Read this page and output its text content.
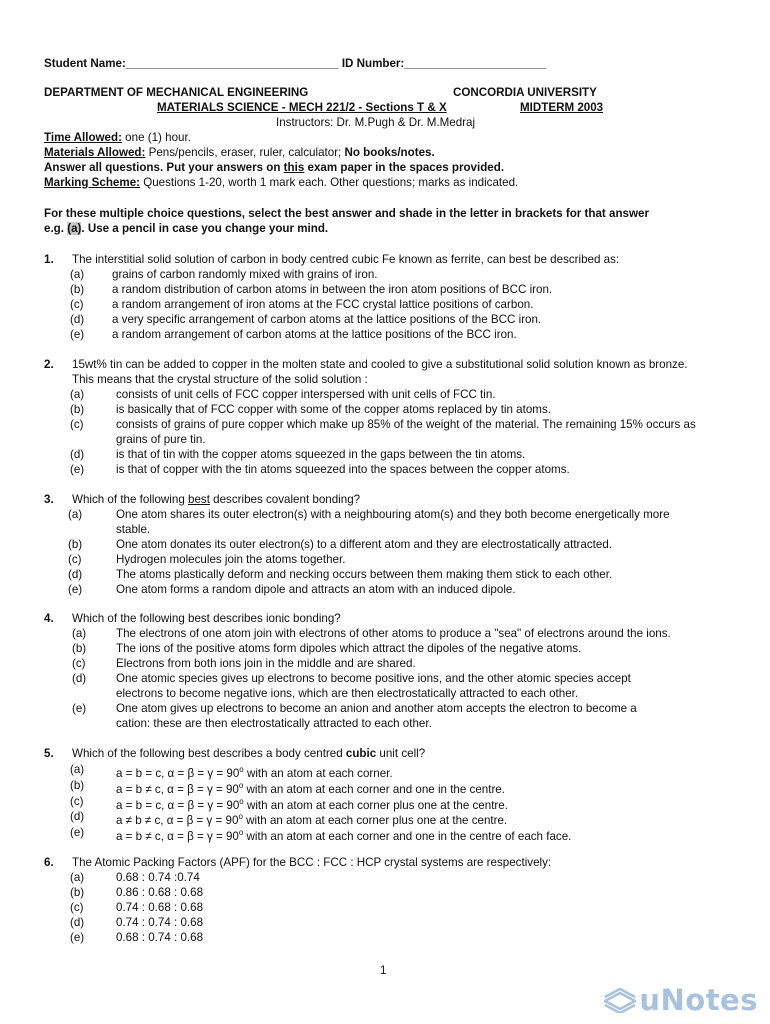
Student Name:_________________________________ ID Number:______________________
DEPARTMENT OF MECHANICAL ENGINEERING	CONCORDIA UNIVERSITY
MATERIALS SCIENCE - MECH 221/2 - Sections T & X	MIDTERM 2003
Instructors: Dr. M.Pugh & Dr. M.Medraj
Time Allowed: one (1) hour.
Materials Allowed: Pens/pencils, eraser, ruler, calculator; No books/notes.
Answer all questions. Put your answers on this exam paper in the spaces provided.
Marking Scheme: Questions 1-20, worth 1 mark each. Other questions; marks as indicated.
For these multiple choice questions, select the best answer and shade in the letter in brackets for that answer
e.g. (a). Use a pencil in case you change your mind.
1. The interstitial solid solution of carbon in body centred cubic Fe known as ferrite, can best be described as:
(a) grains of carbon randomly mixed with grains of iron.
(b) a random distribution of carbon atoms in between the iron atom positions of BCC iron.
(c) a random arrangement of iron atoms at the FCC crystal lattice positions of carbon.
(d) a very specific arrangement of carbon atoms at the lattice positions of the BCC iron.
(e) a random arrangement of carbon atoms at the lattice positions of the BCC iron.
2. 15wt% tin can be added to copper in the molten state and cooled to give a substitutional solid solution known as bronze.
This means that the crystal structure of the solid solution :
(a)	consists of unit cells of FCC copper interspersed with unit cells of FCC tin.
(b)	is basically that of FCC copper with some of the copper atoms replaced by tin atoms.
(c)	consists of grains of pure copper which make up 85% of the weight of the material. The remaining 15% occurs as
grains of pure tin.
(d)	is that of tin with the copper atoms squeezed in the gaps between the tin atoms.
(e)	is that of copper with the tin atoms squeezed into the spaces between the copper atoms.
3. Which of the following best describes covalent bonding?
(a)	One atom shares its outer electron(s) with a neighbouring atom(s) and they both become energetically more
stable.
(b)	One atom donates its outer electron(s) to a different atom and they are electrostatically attracted.
(c)	Hydrogen molecules join the atoms together.
(d)	The atoms plastically deform and necking occurs between them making them stick to each other.
(e)	One atom forms a random dipole and attracts an atom with an induced dipole.
4. Which of the following best describes ionic bonding?
(a)	The electrons of one atom join with electrons of other atoms to produce a "sea" of electrons around the ions.
(b)	The ions of the positive atoms form dipoles which attract the dipoles of the negative atoms.
(c)	Electrons from both ions join in the middle and are shared.
(d)	One atomic species gives up electrons to become positive ions, and the other atomic species accept
electrons to become negative ions, which are then electrostatically attracted to each other.
(e)	One atom gives up electrons to become an anion and another atom accepts the electron to become a
cation: these are then electrostatically attracted to each other.
5. Which of the following best describes a body centred cubic unit cell?
(a)	a = b = c, $\alpha = \beta = \gamma = 90^o$ with an atom at each corner.
(b)	a = b ≠ c, $\alpha = \beta = \gamma = 90^o$ with an atom at each corner and one in the centre.
(c)	a = b = c, $\alpha = \beta = \gamma = 90^o$ with an atom at each corner plus one at the centre.
(d)	a ≠ b ≠ c, $\alpha = \beta = \gamma = 90^o$ with an atom at each corner plus one at the centre.
(e)	a = b ≠ c, $\alpha = \beta = \gamma = 90^o$ with an atom at each corner and one in the centre of each face.
6. The Atomic Packing Factors (APF) for the BCC : FCC : HCP crystal systems are respectively:
(a)	0.68 : 0.74 :0.74
(b)	0.86 : 0.68 : 0.68
(c)	0.74 : 0.68 : 0.68
(d)	0.74 : 0.74 : 0.68
(e)	0.68 : 0.74 : 0.68
1
uNotes
